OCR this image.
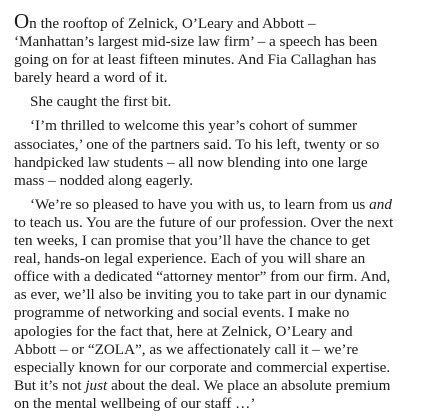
On the rooftop of Zelnick, O’Leary and Abbott –
‘Manhattan’s largest mid-size law firm’ – a speech has been
going on for at least fifteen minutes. And Fia Callaghan has
barely heard a word of it.

She caught the first bit.

‘I’m thrilled to welcome this year’s cohort of summer
associates,’ one of the partners said. To his left, twenty or so
handpicked law students – all now blending into one large
mass – nodded along eagerly.

‘We’re so pleased to have you with us, to learn from us and
to teach us. You are the future of our profession. Over the next
ten weeks, I can promise that you’ll have the chance to get
real, hands-on legal experience. Each of you will share an
office with a dedicated “attorney mentor” from our firm. And,
as ever, we’ll also be inviting you to take part in our dynamic
programme of networking and social events. I make no
apologies for the fact that, here at Zelnick, O’Leary and
Abbott – or “ZOLA”, as we affectionately call it – we’re
especially known for our corporate and commercial expertise.
But it’s not just about the deal. We place an absolute premium
on the mental wellbeing of our staff …’
